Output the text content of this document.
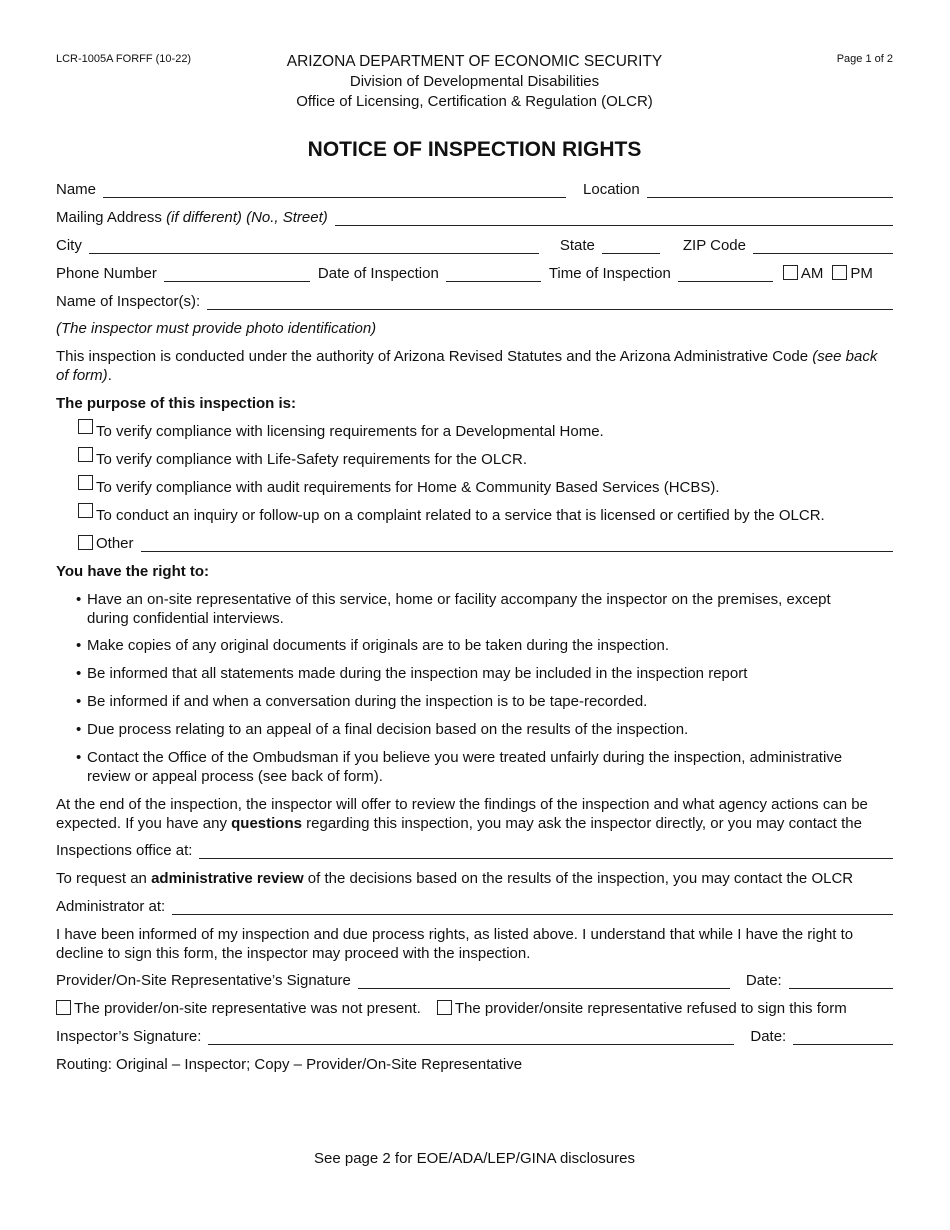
LCR-1005A FORFF (10-22)	Page 1 of 2
ARIZONA DEPARTMENT OF ECONOMIC SECURITY
Division of Developmental Disabilities
Office of Licensing, Certification & Regulation (OLCR)
NOTICE OF INSPECTION RIGHTS
Name	Location
Mailing Address
(if different) (No., Street)
City	State	ZIP Code
Phone Number	Date of Inspection	Time of Inspection	AM PM
Name of Inspector(s):
(The inspector must provide photo identification)
This inspection is conducted under the authority of Arizona Revised Statutes and the Arizona Administrative Code (see back of form).
The purpose of this inspection is:
To verify compliance with licensing requirements for a Developmental Home.
To verify compliance with Life-Safety requirements for the OLCR.
To verify compliance with audit requirements for Home & Community Based Services (HCBS).
To conduct an inquiry or follow-up on a complaint related to a service that is licensed or certified by the OLCR.
Other
You have the right to:
• Have an on-site representative of this service, home or facility accompany the inspector on the premises, except during confidential interviews.
• Make copies of any original documents if originals are to be taken during the inspection.
• Be informed that all statements made during the inspection may be included in the inspection report
• Be informed if and when a conversation during the inspection is to be tape-recorded.
• Due process relating to an appeal of a final decision based on the results of the inspection.
• Contact the Office of the Ombudsman if you believe you were treated unfairly during the inspection, administrative review or appeal process (see back of form).
At the end of the inspection, the inspector will offer to review the findings of the inspection and what agency actions can be expected. If you have any questions regarding this inspection, you may ask the inspector directly, or you may contact the
Inspections office at:
To request an administrative review of the decisions based on the results of the inspection, you may contact the OLCR
Administrator at:
I have been informed of my inspection and due process rights, as listed above. I understand that while I have the right to decline to sign this form, the inspector may proceed with the inspection.
Provider/On-Site Representative’s Signature	Date:
The provider/on-site representative was not present. The provider/onsite representative refused to sign this form
Inspector’s Signature:	Date:
Routing: Original – Inspector; Copy – Provider/On-Site Representative
See page 2 for EOE/ADA/LEP/GINA disclosures
